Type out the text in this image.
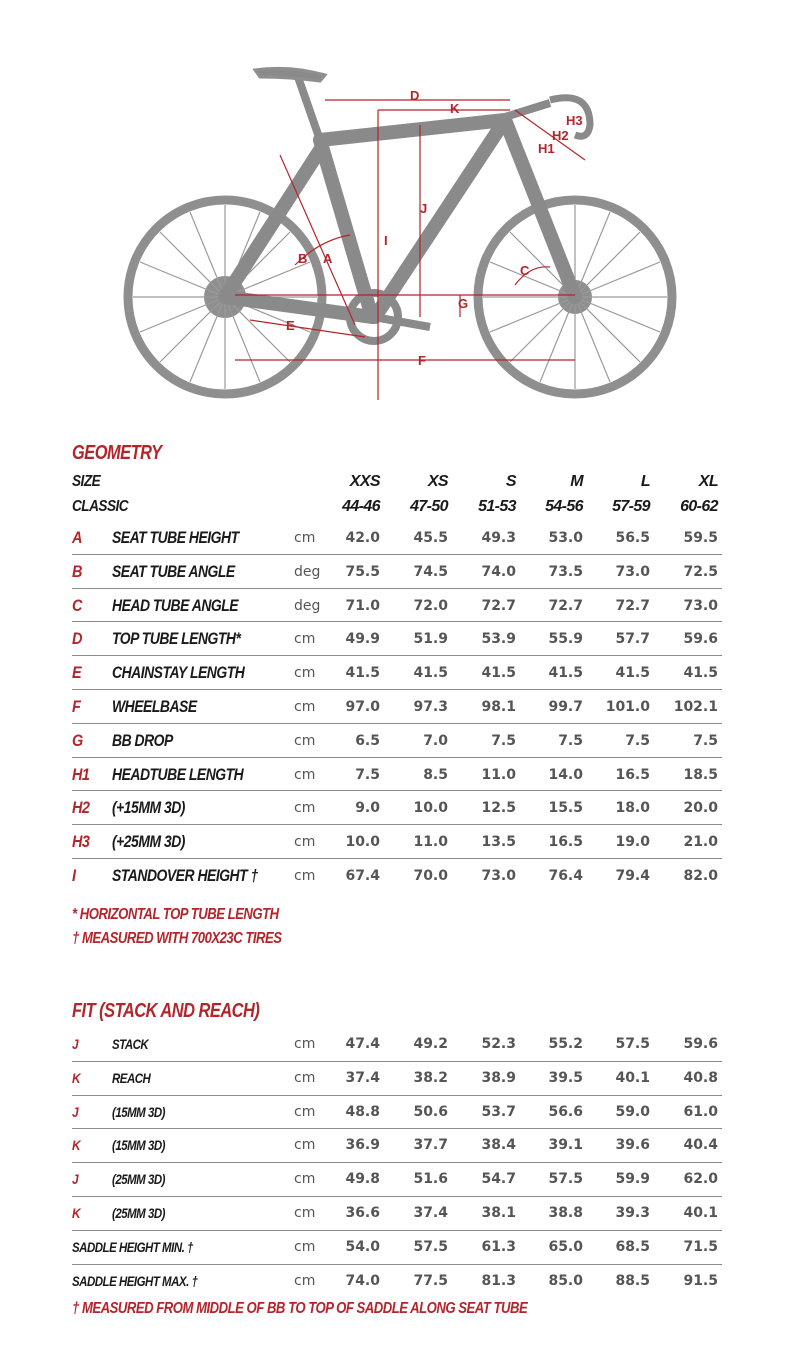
D
K
H3
H2
H1
J
I
B A
C
G
E
F
GEOMETRY
SIZE	XXS	XS	S	M	L	XL
CLASSIC	44-46	47-50	51-53	54-56	57-59	60-62
A SEAT TUBE HEIGHT	cm	42.0	45.5	49.3	53.0	56.5	59.5
B SEAT TUBE ANGLE	deg	75.5	74.5	74.0	73.5	73.0	72.5
C HEAD TUBE ANGLE	deg	71.0	72.0	72.7	72.7	72.7	73.0
D TOP TUBE LENGTH*	cm	49.9	51.9	53.9	55.9	57.7	59.6
E CHAINSTAY LENGTH	cm	41.5	41.5	41.5	41.5	41.5	41.5
F WHEELBASE	cm	97.0	97.3	98.1	99.7	101.0	102.1
G BB DROP	cm	6.5	7.0	7.5	7.5	7.5	7.5
H1 HEADTUBE LENGTH	cm	7.5	8.5	11.0	14.0	16.5	18.5
H2 (+15MM 3D)	cm	9.0	10.0	12.5	15.5	18.0	20.0
H3 (+25MM 3D)	cm	10.0	11.0	13.5	16.5	19.0	21.0
I STANDOVER HEIGHT †	cm	67.4	70.0	73.0	76.4	79.4	82.0
* HORIZONTAL TOP TUBE LENGTH
† MEASURED WITH 700X23C TIRES
FIT (STACK AND REACH)
J STACK	cm	47.4	49.2	52.3	55.2	57.5	59.6
K REACH	cm	37.4	38.2	38.9	39.5	40.1	40.8
J (15MM 3D)	cm	48.8	50.6	53.7	56.6	59.0	61.0
K (15MM 3D)	cm	36.9	37.7	38.4	39.1	39.6	40.4
J (25MM 3D)	cm	49.8	51.6	54.7	57.5	59.9	62.0
K (25MM 3D)	cm	36.6	37.4	38.1	38.8	39.3	40.1
SADDLE HEIGHT MIN. †	cm	54.0	57.5	61.3	65.0	68.5	71.5
SADDLE HEIGHT MAX. †	cm	74.0	77.5	81.3	85.0	88.5	91.5
† MEASURED FROM MIDDLE OF BB TO TOP OF SADDLE ALONG SEAT TUBE
